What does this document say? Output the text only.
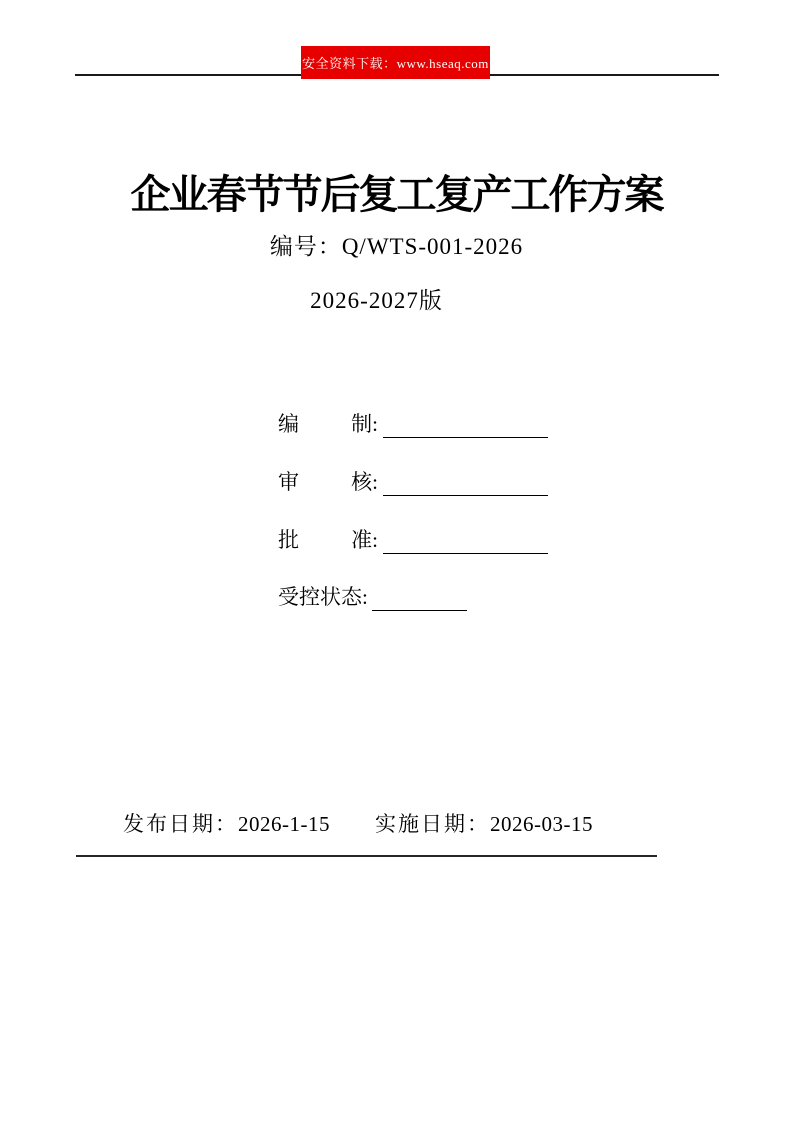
安全资料下载：www.hseaq.com
企业春节节后复工复产工作方案
编号：Q/WTS-001-2026
2026-2027版
编 制:
审 核:
批 准:
受控状态:
发布日期：2026-1-15 实施日期：2026-03-15
